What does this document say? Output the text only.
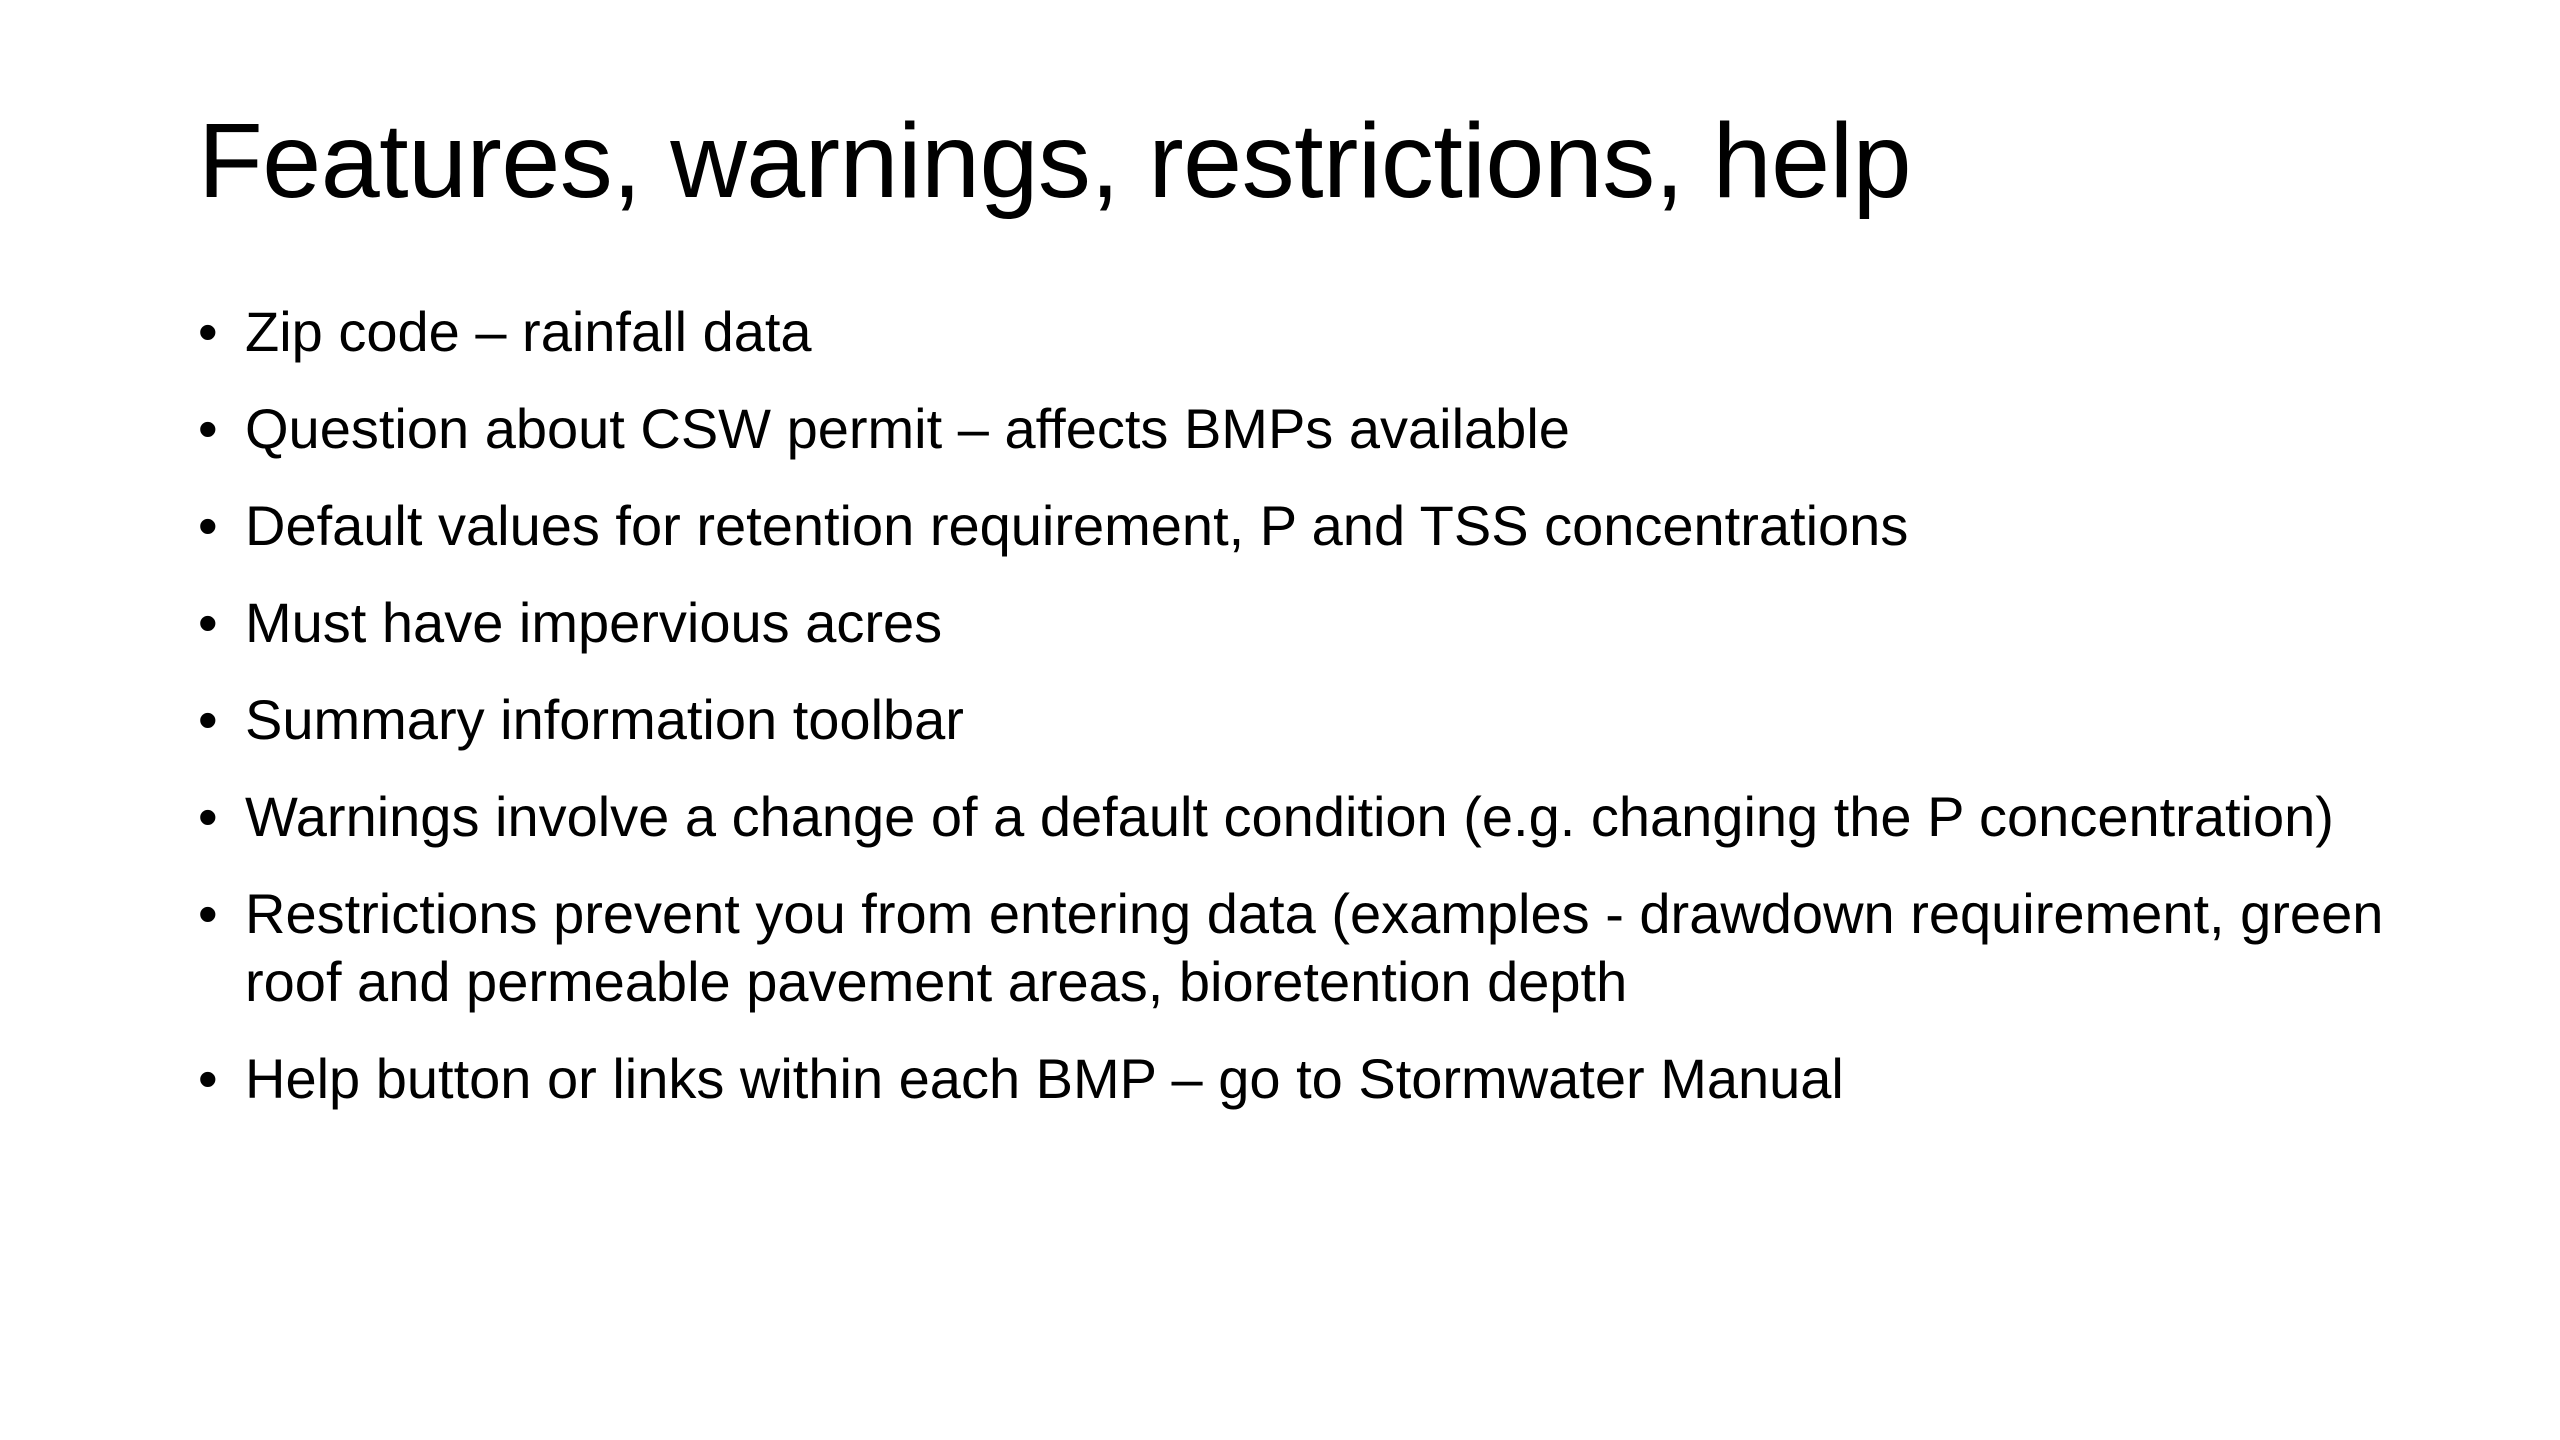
Features, warnings, restrictions, help
• Zip code – rainfall data
• Question about CSW permit – affects BMPs available
• Default values for retention requirement, P and TSS concentrations
• Must have impervious acres
• Summary information toolbar
• Warnings involve a change of a default condition (e.g. changing the P concentration)
• Restrictions prevent you from entering data (examples - drawdown requirement, green roof and permeable pavement areas, bioretention depth
• Help button or links within each BMP – go to Stormwater Manual
